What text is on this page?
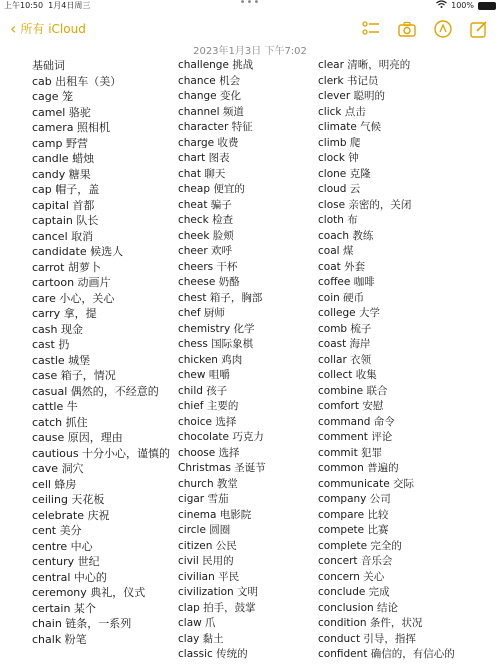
上午10:50 1月4日周三	•••	100%
‹ 所有 iCloud
2023年1月3日 下午7:02
基础词
cab 出租车（美）
cage 笼
camel 骆驼
camera 照相机
camp 野营
candle 蜡烛
candy 糖果
cap 帽子，盖
capital 首都
captain 队长
cancel 取消
candidate 候选人
carrot 胡萝卜
cartoon 动画片
care 小心，关心
carry 拿，提
cash 现金
cast 扔
castle 城堡
case 箱子，情况
casual 偶然的，不经意的
cattle 牛
catch 抓住
cause 原因，理由
cautious 十分小心，谨慎的
cave 洞穴
cell 蜂房
ceiling 天花板
celebrate 庆祝
cent 美分
centre 中心
century 世纪
central 中心的
ceremony 典礼，仪式
certain 某个
chain 链条，一系列
chalk 粉笔
challenge 挑战
chance 机会
change 变化
channel 频道
character 特征
charge 收费
chart 图表
chat 聊天
cheap 便宜的
cheat 骗子
check 检查
cheek 脸颊
cheer 欢呼
cheers 干杯
cheese 奶酪
chest 箱子，胸部
chef 厨师
chemistry 化学
chess 国际象棋
chicken 鸡肉
chew 咀嚼
child 孩子
chief 主要的
choice 选择
chocolate 巧克力
choose 选择
Christmas 圣诞节
church 教堂
cigar 雪茄
cinema 电影院
circle 圆圈
citizen 公民
civil 民用的
civilian 平民
civilization 文明
clap 拍手，鼓掌
claw 爪
clay 黏土
classic 传统的
clear 清晰，明亮的
clerk 书记员
clever 聪明的
click 点击
climate 气候
climb 爬
clock 钟
clone 克隆
cloud 云
close 亲密的，关闭
cloth 布
coach 教练
coal 煤
coat 外套
coffee 咖啡
coin 硬币
college 大学
comb 梳子
coast 海岸
collar 衣领
collect 收集
combine 联合
comfort 安慰
command 命令
comment 评论
commit 犯罪
common 普遍的
communicate 交际
company 公司
compare 比较
compete 比赛
complete 完全的
concert 音乐会
concern 关心
conclude 完成
conclusion 结论
condition 条件，状况
conduct 引导，指挥
confident 确信的，有信心的
